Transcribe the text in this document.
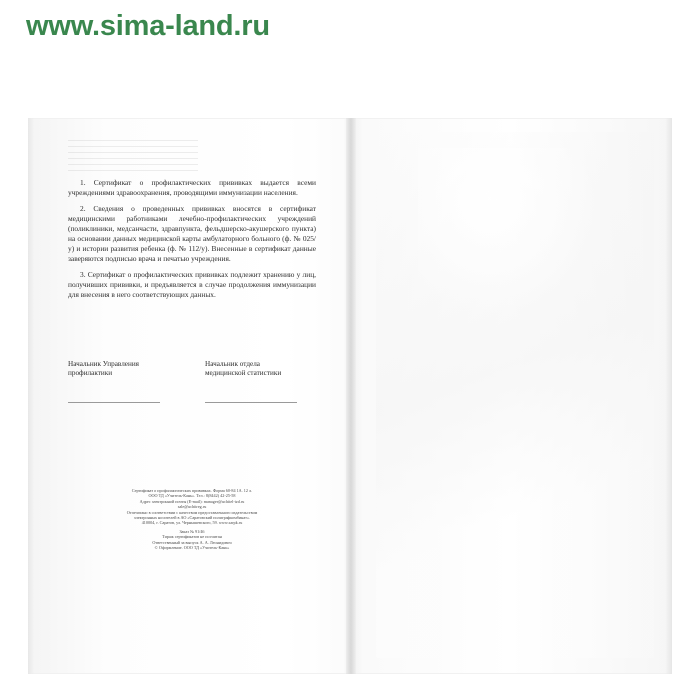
www.sima-land.ru

1. Сертификат о профилактических прививках выдается всеми учреждениями здравоохранения, проводящими иммунизации населения.

2. Сведения о проведенных прививках вносятся в сертификат медицинскими работниками лечебно-профилактических учреждений (поликлиники, медсанчасти, здравпункта, фельдшерско-акушерского пункта) на основании данных медицинской карты амбулаторного больного (ф. № 025/у) и истории развития ребенка (ф. № 112/у). Внесенные в сертификат данные заверяются подписью врача и печатью учреждения.

3. Сертификат о профилактических прививках подлежит хранению у лиц, получивших прививки, и предъявляется в случае продолжения иммунизации для внесения в него соответствующих данных.

Начальник Управления
профилактики
Начальник отдела
медицинской статистики
Сертификат о профилактических прививках. Форма 60-84 1А. 12 л.
ООО ТД «Учитель-Кань». Тел.: 8(8442) 42-25-58
Адрес электронной почты (E-mail): manager@uchitel-izd.ru
sale@uchitreg.ru
Отпечатано в соответствии с качеством предоставленного издательством
электронных носителей в АО «Саратовский полиграфкомбинат».
410004, г. Саратов, ул. Чернышевского, 59. www.sarpk.ru
Заказ № 91/46
Тираж сертификатов не посчитан
Ответственный за выпуск А. А. Леонидович
© Оформление. ООО ТД «Учитель-Кань»
